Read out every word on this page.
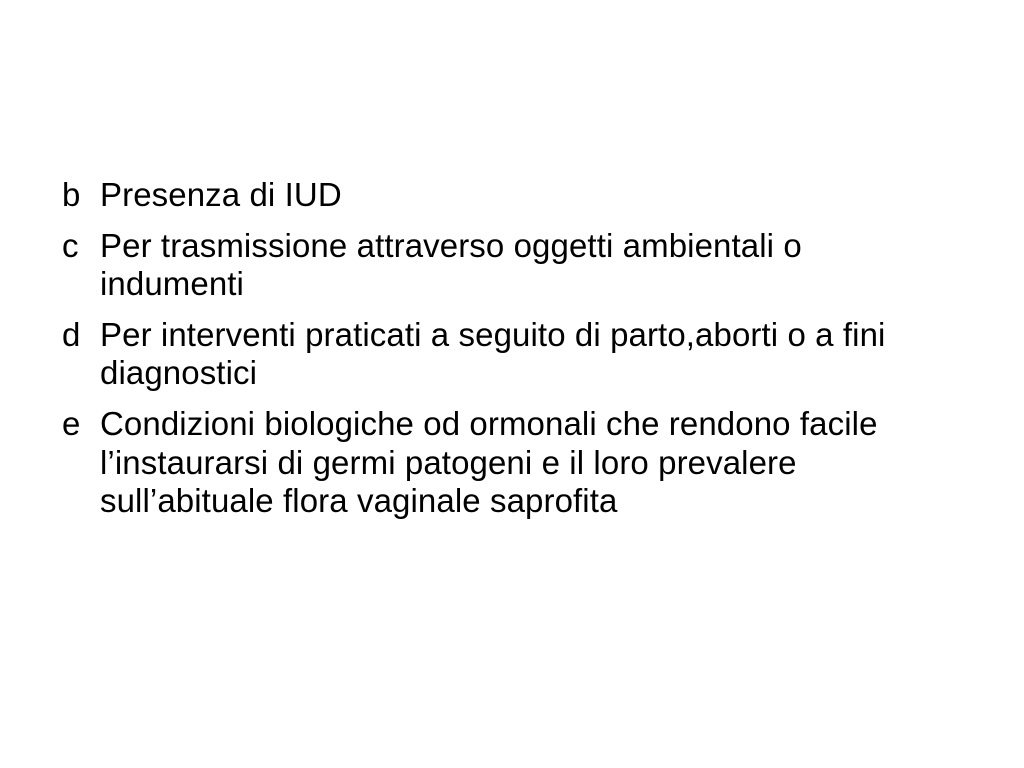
b Presenza di IUD
c Per trasmissione attraverso oggetti ambientali o indumenti
d Per interventi praticati a seguito di parto,aborti o a fini diagnostici
e Condizioni biologiche od ormonali che rendono facile l’instaurarsi di germi patogeni e il loro prevalere sull’abituale flora vaginale saprofita
